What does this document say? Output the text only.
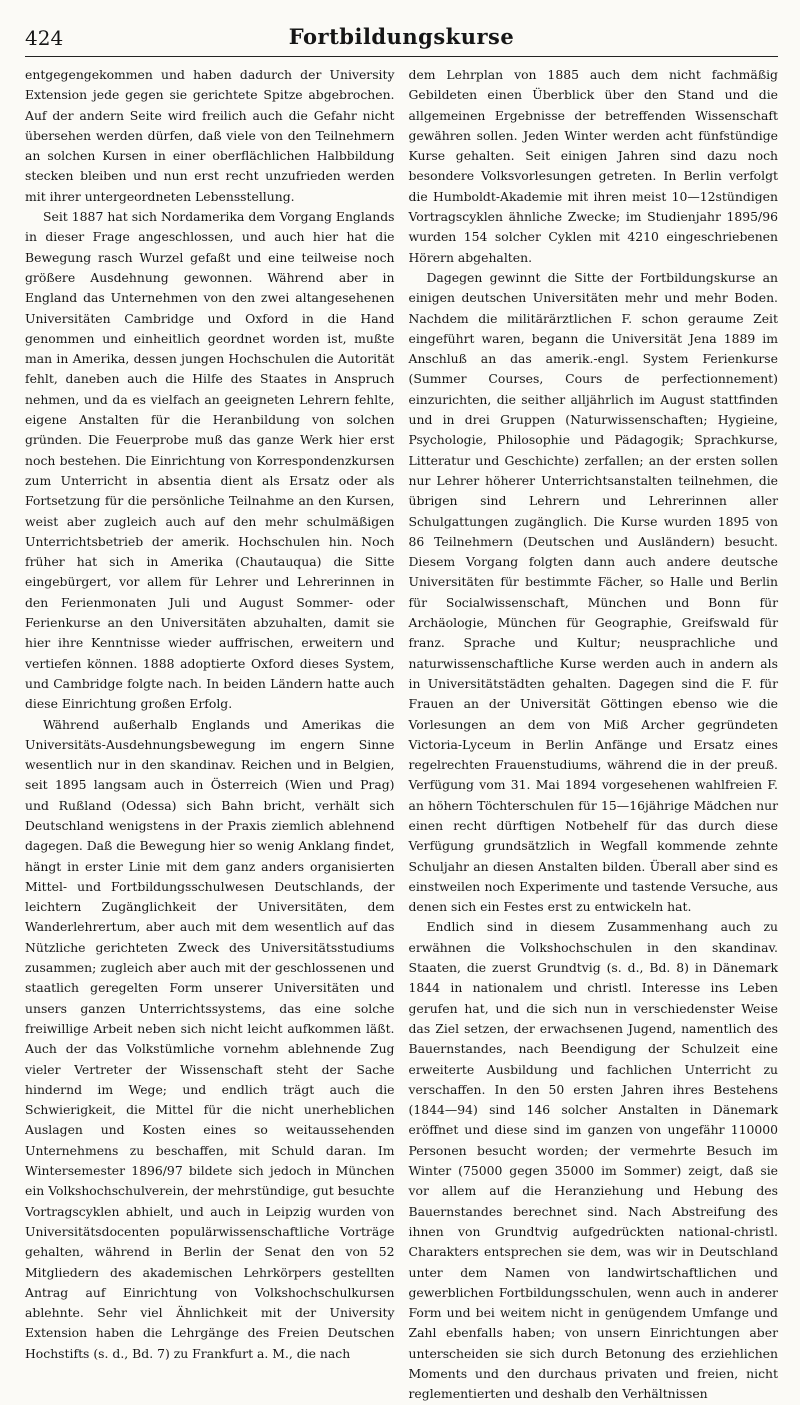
424	Fortbildungskurse

entgegengekommen und haben dadurch der University Extension jede gegen sie gerichtete Spitze abgebrochen. Auf der andern Seite wird freilich auch die Gefahr nicht übersehen werden dürfen, daß viele von den Teilnehmern an solchen Kursen in einer oberflächlichen Halbbildung stecken bleiben und nun erst recht unzufrieden werden mit ihrer untergeordneten Lebensstellung.

Seit 1887 hat sich Nordamerika dem Vorgang Englands in dieser Frage angeschlossen, und auch hier hat die Bewegung rasch Wurzel gefaßt und eine teilweise noch größere Ausdehnung gewonnen. Während aber in England das Unternehmen von den zwei altangesehenen Universitäten Cambridge und Oxford in die Hand genommen und einheitlich geordnet worden ist, mußte man in Amerika, dessen jungen Hochschulen die Autorität fehlt, daneben auch die Hilfe des Staates in Anspruch nehmen, und da es vielfach an geeigneten Lehrern fehlte, eigene Anstalten für die Heranbildung von solchen gründen. Die Feuerprobe muß das ganze Werk hier erst noch bestehen. Die Einrichtung von Korrespondenzkursen zum Unterricht in absentia dient als Ersatz oder als Fortsetzung für die persönliche Teilnahme an den Kursen, weist aber zugleich auch auf den mehr schulmäßigen Unterrichtsbetrieb der amerik. Hochschulen hin. Noch früher hat sich in Amerika (Chautauqua) die Sitte eingebürgert, vor allem für Lehrer und Lehrerinnen in den Ferienmonaten Juli und August Sommer- oder Ferienkurse an den Universitäten abzuhalten, damit sie hier ihre Kenntnisse wieder auffrischen, erweitern und vertiefen können. 1888 adoptierte Oxford dieses System, und Cambridge folgte nach. In beiden Ländern hatte auch diese Einrichtung großen Erfolg.

Während außerhalb Englands und Amerikas die Universitäts-Ausdehnungsbewegung im engern Sinne wesentlich nur in den skandinav. Reichen und in Belgien, seit 1895 langsam auch in Österreich (Wien und Prag) und Rußland (Odessa) sich Bahn bricht, verhält sich Deutschland wenigstens in der Praxis ziemlich ablehnend dagegen. Daß die Bewegung hier so wenig Anklang findet, hängt in erster Linie mit dem ganz anders organisierten Mittel- und Fortbildungsschulwesen Deutschlands, der leichtern Zugänglichkeit der Universitäten, dem Wanderlehrertum, aber auch mit dem wesentlich auf das Nützliche gerichteten Zweck des Universitätsstudiums zusammen; zugleich aber auch mit der geschlossenen und staatlich geregelten Form unserer Universitäten und unsers ganzen Unterrichtssystems, das eine solche freiwillige Arbeit neben sich nicht leicht aufkommen läßt. Auch der das Volkstümliche vornehm ablehnende Zug vieler Vertreter der Wissenschaft steht der Sache hindernd im Wege; und endlich trägt auch die Schwierigkeit, die Mittel für die nicht unerheblichen Auslagen und Kosten eines so weitaussehenden Unternehmens zu beschaffen, mit Schuld daran. Im Wintersemester 1896/97 bildete sich jedoch in München ein Volkshochschulverein, der mehrstündige, gut besuchte Vortragscyklen abhielt, und auch in Leipzig wurden von Universitätsdocenten populärwissenschaftliche Vorträge gehalten, während in Berlin der Senat den von 52 Mitgliedern des akademischen Lehrkörpers gestellten Antrag auf Einrichtung von Volkshochschulkursen ablehnte. Sehr viel Ähnlichkeit mit der University Extension haben die Lehrgänge des Freien Deutschen Hochstifts (s. d., Bd. 7) zu Frankfurt a. M., die nach

dem Lehrplan von 1885 auch dem nicht fachmäßig Gebildeten einen Überblick über den Stand und die allgemeinen Ergebnisse der betreffenden Wissenschaft gewähren sollen. Jeden Winter werden acht fünfstündige Kurse gehalten. Seit einigen Jahren sind dazu noch besondere Volksvorlesungen getreten. In Berlin verfolgt die Humboldt-Akademie mit ihren meist 10—12stündigen Vortragscyklen ähnliche Zwecke; im Studienjahr 1895/96 wurden 154 solcher Cyklen mit 4210 eingeschriebenen Hörern abgehalten.

Dagegen gewinnt die Sitte der Fortbildungskurse an einigen deutschen Universitäten mehr und mehr Boden. Nachdem die militärärztlichen F. schon geraume Zeit eingeführt waren, begann die Universität Jena 1889 im Anschluß an das amerik.-engl. System Ferienkurse (Summer Courses, Cours de perfectionnement) einzurichten, die seither alljährlich im August stattfinden und in drei Gruppen (Naturwissenschaften; Hygieine, Psychologie, Philosophie und Pädagogik; Sprachkurse, Litteratur und Geschichte) zerfallen; an der ersten sollen nur Lehrer höherer Unterrichtsanstalten teilnehmen, die übrigen sind Lehrern und Lehrerinnen aller Schulgattungen zugänglich. Die Kurse wurden 1895 von 86 Teilnehmern (Deutschen und Ausländern) besucht. Diesem Vorgang folgten dann auch andere deutsche Universitäten für bestimmte Fächer, so Halle und Berlin für Socialwissenschaft, München und Bonn für Archäologie, München für Geographie, Greifswald für franz. Sprache und Kultur; neusprachliche und naturwissenschaftliche Kurse werden auch in andern als in Universitätstädten gehalten. Dagegen sind die F. für Frauen an der Universität Göttingen ebenso wie die Vorlesungen an dem von Miß Archer gegründeten Victoria-Lyceum in Berlin Anfänge und Ersatz eines regelrechten Frauenstudiums, während die in der preuß. Verfügung vom 31. Mai 1894 vorgesehenen wahlfreien F. an höhern Töchterschulen für 15—16jährige Mädchen nur einen recht dürftigen Notbehelf für das durch diese Verfügung grundsätzlich in Wegfall kommende zehnte Schuljahr an diesen Anstalten bilden. Überall aber sind es einstweilen noch Experimente und tastende Versuche, aus denen sich ein Festes erst zu entwickeln hat.

Endlich sind in diesem Zusammenhang auch zu erwähnen die Volkshochschulen in den skandinav. Staaten, die zuerst Grundtvig (s. d., Bd. 8) in Dänemark 1844 in nationalem und christl. Interesse ins Leben gerufen hat, und die sich nun in verschiedenster Weise das Ziel setzen, der erwachsenen Jugend, namentlich des Bauernstandes, nach Beendigung der Schulzeit eine erweiterte Ausbildung und fachlichen Unterricht zu verschaffen. In den 50 ersten Jahren ihres Bestehens (1844—94) sind 146 solcher Anstalten in Dänemark eröffnet und diese sind im ganzen von ungefähr 110000 Personen besucht worden; der vermehrte Besuch im Winter (75000 gegen 35000 im Sommer) zeigt, daß sie vor allem auf die Heranziehung und Hebung des Bauernstandes berechnet sind. Nach Abstreifung des ihnen von Grundtvig aufgedrückten national-christl. Charakters entsprechen sie dem, was wir in Deutschland unter dem Namen von landwirtschaftlichen und gewerblichen Fortbildungsschulen, wenn auch in anderer Form und bei weitem nicht in genügendem Umfange und Zahl ebenfalls haben; von unsern Einrichtungen aber unterscheiden sie sich durch Betonung des erziehlichen Moments und den durchaus privaten und freien, nicht reglementierten und deshalb den Verhältnissen
